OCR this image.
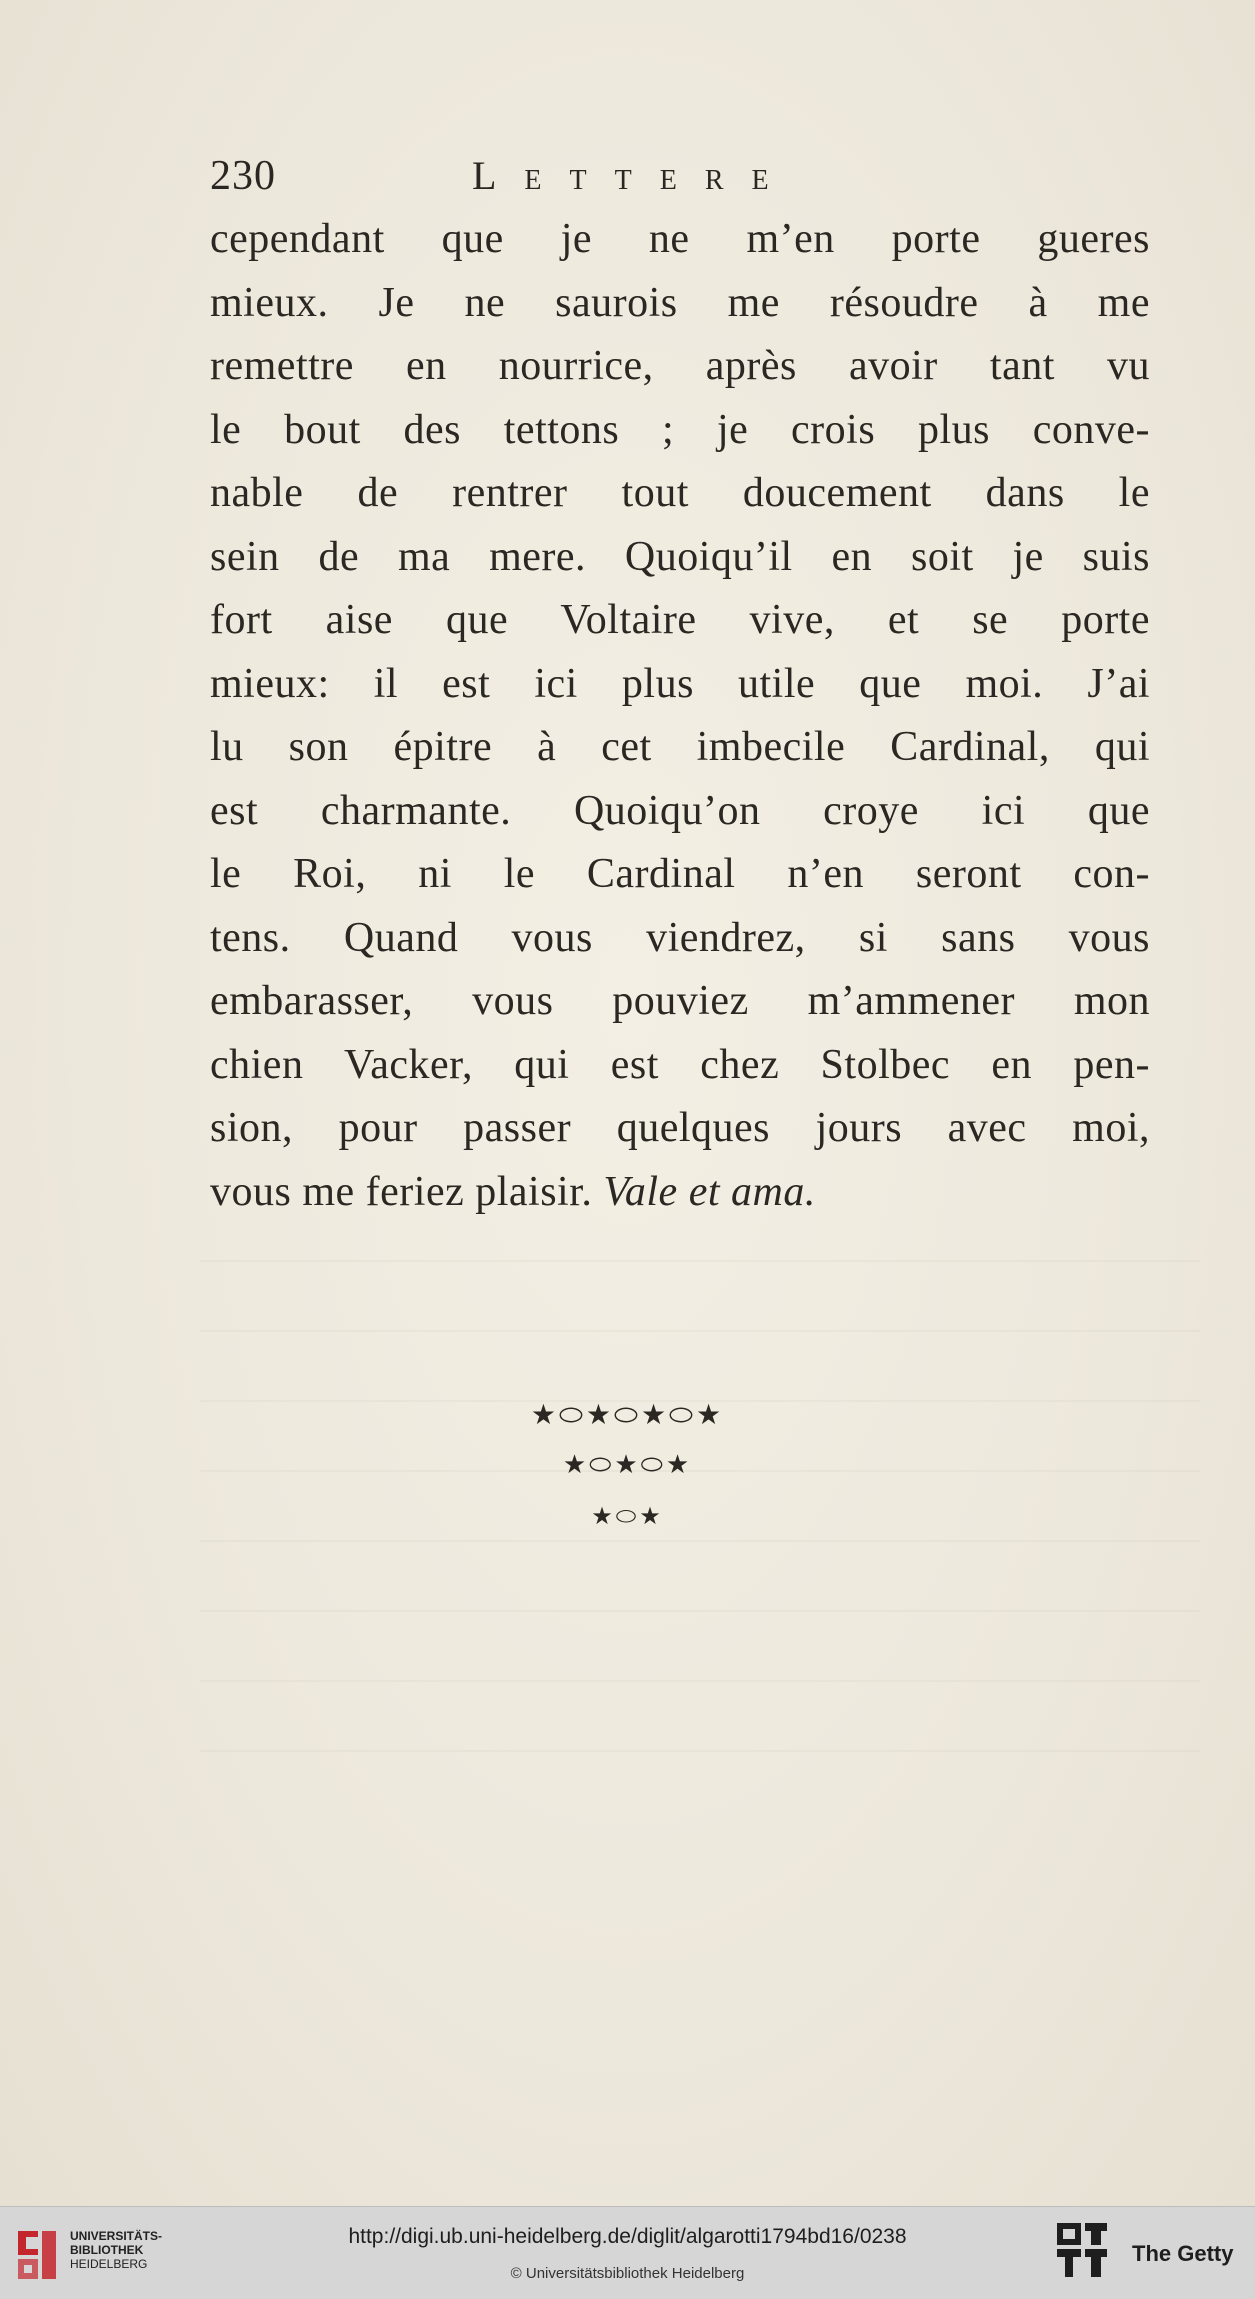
230	Lettere
cependant que je ne m’en porte gueres
mieux. Je ne saurois me résoudre à me
remettre en nourrice, après avoir tant vu
le bout des tettons ; je crois plus conve-
nable de rentrer tout doucement dans le
sein de ma mere. Quoiqu’il en soit je suis
fort aise que Voltaire vive, et se porte
mieux: il est ici plus utile que moi. J’ai
lu son épitre à cet imbecile Cardinal, qui
est charmante. Quoiqu’on croye ici que
le Roi, ni le Cardinal n’en seront con-
tens. Quand vous viendrez, si sans vous
embarasser, vous pouviez m’ammener mon
chien Vacker, qui est chez Stolbec en pen-
sion, pour passer quelques jours avec moi,
vous me feriez plaisir. Vale et ama.
★⬭★⬭★⬭★
★⬭★⬭★
★⬭★
UNIVERSITÄTS-
BIBLIOTHEK
HEIDELBERG
http://digi.ub.uni-heidelberg.de/diglit/algarotti1794bd16/0238
© Universitätsbibliothek Heidelberg
The Getty
